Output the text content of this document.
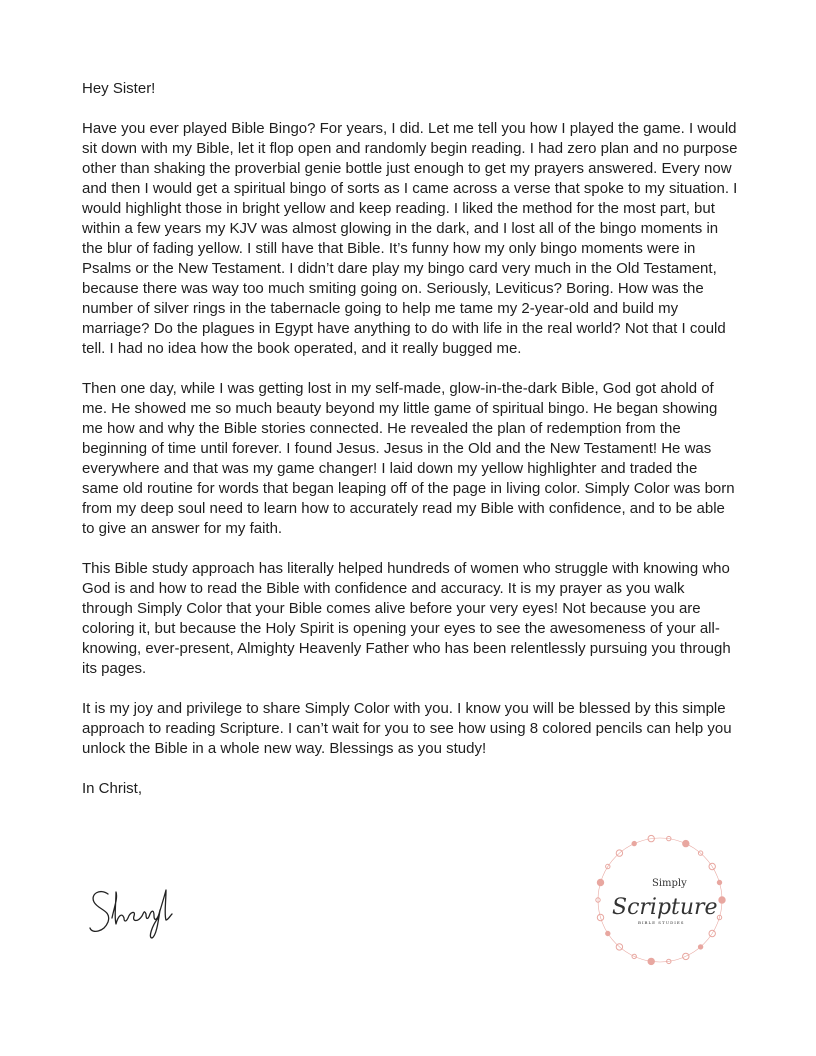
Hey Sister!

Have you ever played Bible Bingo? For years, I did. Let me tell you how I played the game. I would sit down with my Bible, let it flop open and randomly begin reading. I had zero plan and no purpose other than shaking the proverbial genie bottle just enough to get my prayers answered. Every now and then I would get a spiritual bingo of sorts as I came across a verse that spoke to my situation. I would highlight those in bright yellow and keep reading. I liked the method for the most part, but within a few years my KJV was almost glowing in the dark, and I lost all of the bingo moments in the blur of fading yellow. I still have that Bible. It’s funny how my only bingo moments were in Psalms or the New Testament. I didn’t dare play my bingo card very much in the Old Testament, because there was way too much smiting going on. Seriously, Leviticus? Boring. How was the number of silver rings in the tabernacle going to help me tame my 2-year-old and build my marriage? Do the plagues in Egypt have anything to do with life in the real world? Not that I could tell. I had no idea how the book operated, and it really bugged me.

Then one day, while I was getting lost in my self-made, glow-in-the-dark Bible, God got ahold of me. He showed me so much beauty beyond my little game of spiritual bingo. He began showing me how and why the Bible stories connected. He revealed the plan of redemption from the beginning of time until forever. I found Jesus. Jesus in the Old and the New Testament! He was everywhere and that was my game changer! I laid down my yellow highlighter and traded the same old routine for words that began leaping off of the page in living color. Simply Color was born from my deep soul need to learn how to accurately read my Bible with confidence, and to be able to give an answer for my faith.

This Bible study approach has literally helped hundreds of women who struggle with knowing who God is and how to read the Bible with confidence and accuracy. It is my prayer as you walk through Simply Color that your Bible comes alive before your very eyes! Not because you are coloring it, but because the Holy Spirit is opening your eyes to see the awesomeness of your all-knowing, ever-present, Almighty Heavenly Father who has been relentlessly pursuing you through its pages.

It is my joy and privilege to share Simply Color with you. I know you will be blessed by this simple approach to reading Scripture. I can’t wait for you to see how using 8 colored pencils can help you unlock the Bible in a whole new way. Blessings as you study!

In Christ,

Simply
Scripture
BIBLE STUDIES
